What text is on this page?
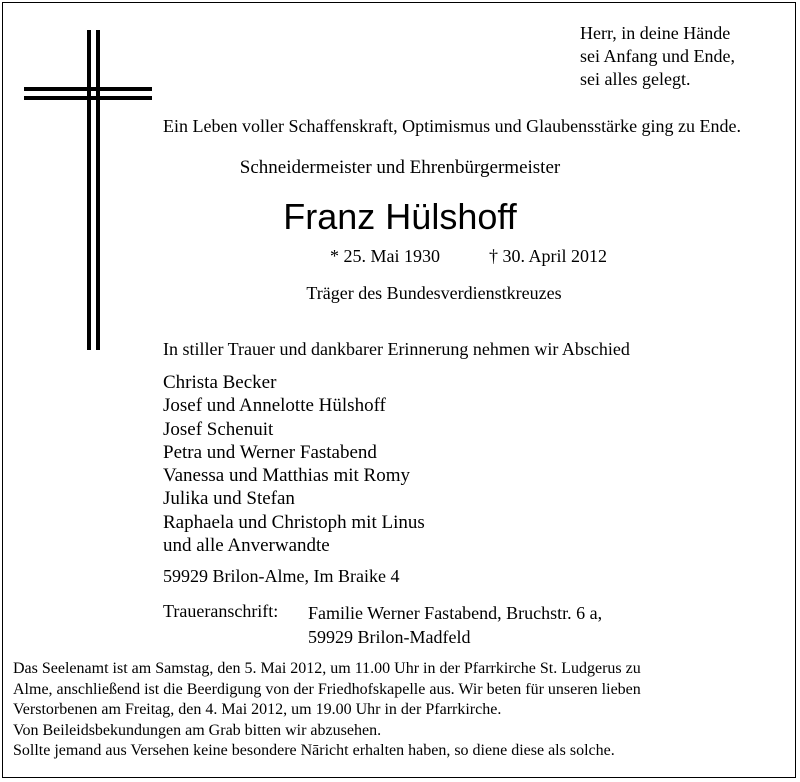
Herr, in deine Hände
sei Anfang und Ende,
sei alles gelegt.
Ein Leben voller Schaffenskraft, Optimismus und Glaubensstärke ging zu Ende.
Schneidermeister und Ehrenbürgermeister
Franz Hülshoff
* 25. Mai 1930	† 30. April 2012
Träger des Bundesverdienstkreuzes
In stiller Trauer und dankbarer Erinnerung nehmen wir Abschied
Christa Becker
Josef und Annelotte Hülshoff
Josef Schenuit
Petra und Werner Fastabend
Vanessa und Matthias mit Romy
Julika und Stefan
Raphaela und Christoph mit Linus
und alle Anverwandte
59929 Brilon-Alme, Im Braike 4
Traueranschrift: Familie Werner Fastabend, Bruchstr. 6 a,
59929 Brilon-Madfeld
Das Seelenamt ist am Samstag, den 5. Mai 2012, um 11.00 Uhr in der Pfarrkirche St. Ludgerus zu
Alme, anschließend ist die Beerdigung von der Friedhofskapelle aus. Wir beten für unseren lieben
Verstorbenen am Freitag, den 4. Mai 2012, um 19.00 Uhr in der Pfarrkirche.
Von Beileidsbekundungen am Grab bitten wir abzusehen.
Sollte jemand aus Versehen keine besondere Nāricht erhalten haben, so diene diese als solche.
